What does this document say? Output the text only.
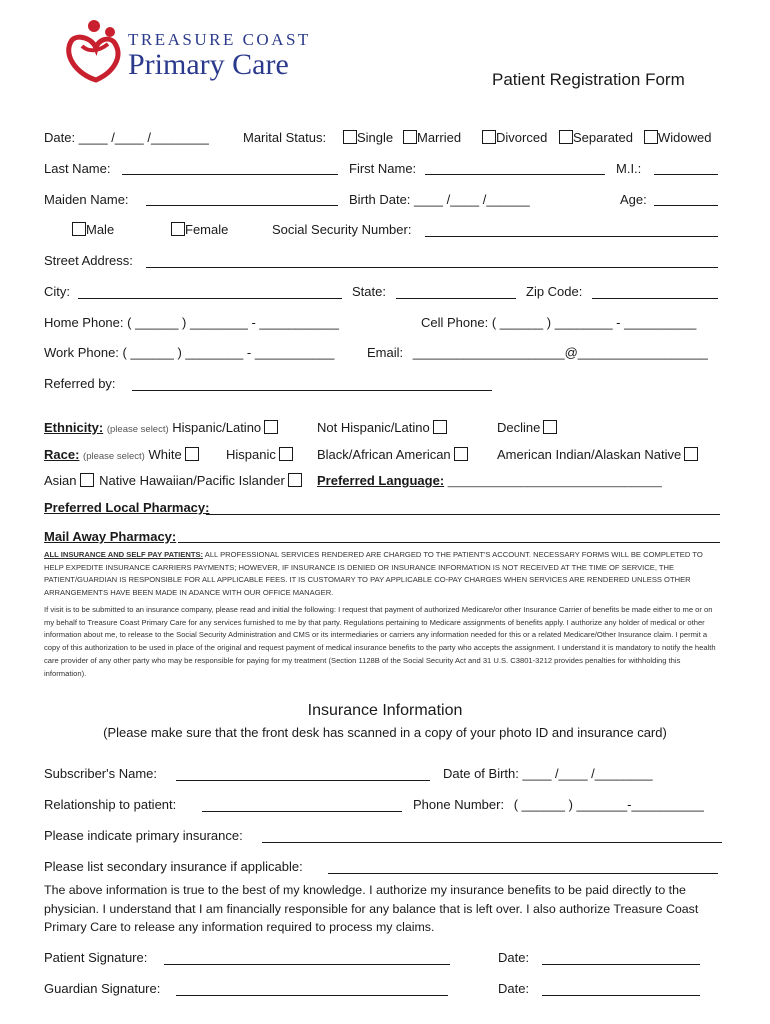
TREASURE COAST
Primary Care	Patient Registration Form
Date: ____ /____ /________	Marital Status:	Single	Married	Divorced	Separated	Widowed
Last Name:	First Name:	M.I.:
Maiden Name:	Birth Date: ____ /____ /______	Age:
Male	Female	Social Security Number:
Street Address:
City:	State:	Zip Code:
Home Phone: ( ______ ) ________ - ___________	Cell Phone: ( ______ ) ________ - __________
Work Phone: ( ______ ) ________ - ___________	Email: _____________________@__________________
Referred by:
Ethnicity: (please select) Hispanic/Latino	Not Hispanic/Latino	Decline
Race: (please select) White	Hispanic	Black/African American	American Indian/Alaskan Native
Asian Native Hawaiian/Pacific Islander	Preferred Language: ___________________________________
Preferred Local Pharmacy:
Mail Away Pharmacy:
ALL INSURANCE AND SELF PAY PATIENTS: ALL PROFESSIONAL SERVICES RENDERED ARE CHARGED TO THE PATIENT'S ACCOUNT. NECESSARY FORMS WILL BE COMPLETED TO HELP EXPEDITE INSURANCE CARRIERS PAYMENTS; HOWEVER, IF INSURANCE IS DENIED OR INSURANCE INFORMATION IS NOT RECEIVED AT THE TIME OF SERVICE, THE PATIENT/GUARDIAN IS RESPONSIBLE FOR ALL APPLICABLE FEES. IT IS CUSTOMARY TO PAY APPLICABLE CO-PAY CHARGES WHEN SERVICES ARE RENDERED UNLESS OTHER ARRANGEMENTS HAVE BEEN MADE IN ADANCE WITH OUR OFFICE MANAGER.
If visit is to be submitted to an insurance company, please read and initial the following: I request that payment of authorized Medicare/or other Insurance Carrier of benefits be made either to me or on my behalf to Treasure Coast Primary Care for any services furnished to me by that party. Regulations pertaining to Medicare assignments of benefits apply. I authorize any holder of medical or other information about me, to release to the Social Security Administration and CMS or its intermediaries or carriers any information needed for this or a related Medicare/Other Insurance claim. I permit a copy of this authorization to be used in place of the original and request payment of medical insurance benefits to the party who accepts the assignment. I understand it is mandatory to notify the health care provider of any other party who may be responsible for paying for my treatment (Section 1128B of the Social Security Act and 31 U.S. C3801-3212 provides penalties for withholding this information).
Insurance Information
(Please make sure that the front desk has scanned in a copy of your photo ID and insurance card)
Subscriber's Name:	Date of Birth: ____ /____ /________
Relationship to patient:	Phone Number: ( ______ ) _______-__________
Please indicate primary insurance:
Please list secondary insurance if applicable:
The above information is true to the best of my knowledge. I authorize my insurance benefits to be paid directly to the physician. I understand that I am financially responsible for any balance that is left over. I also authorize Treasure Coast Primary Care to release any information required to process my claims.
Patient Signature:	Date:
Guardian Signature:	Date:
